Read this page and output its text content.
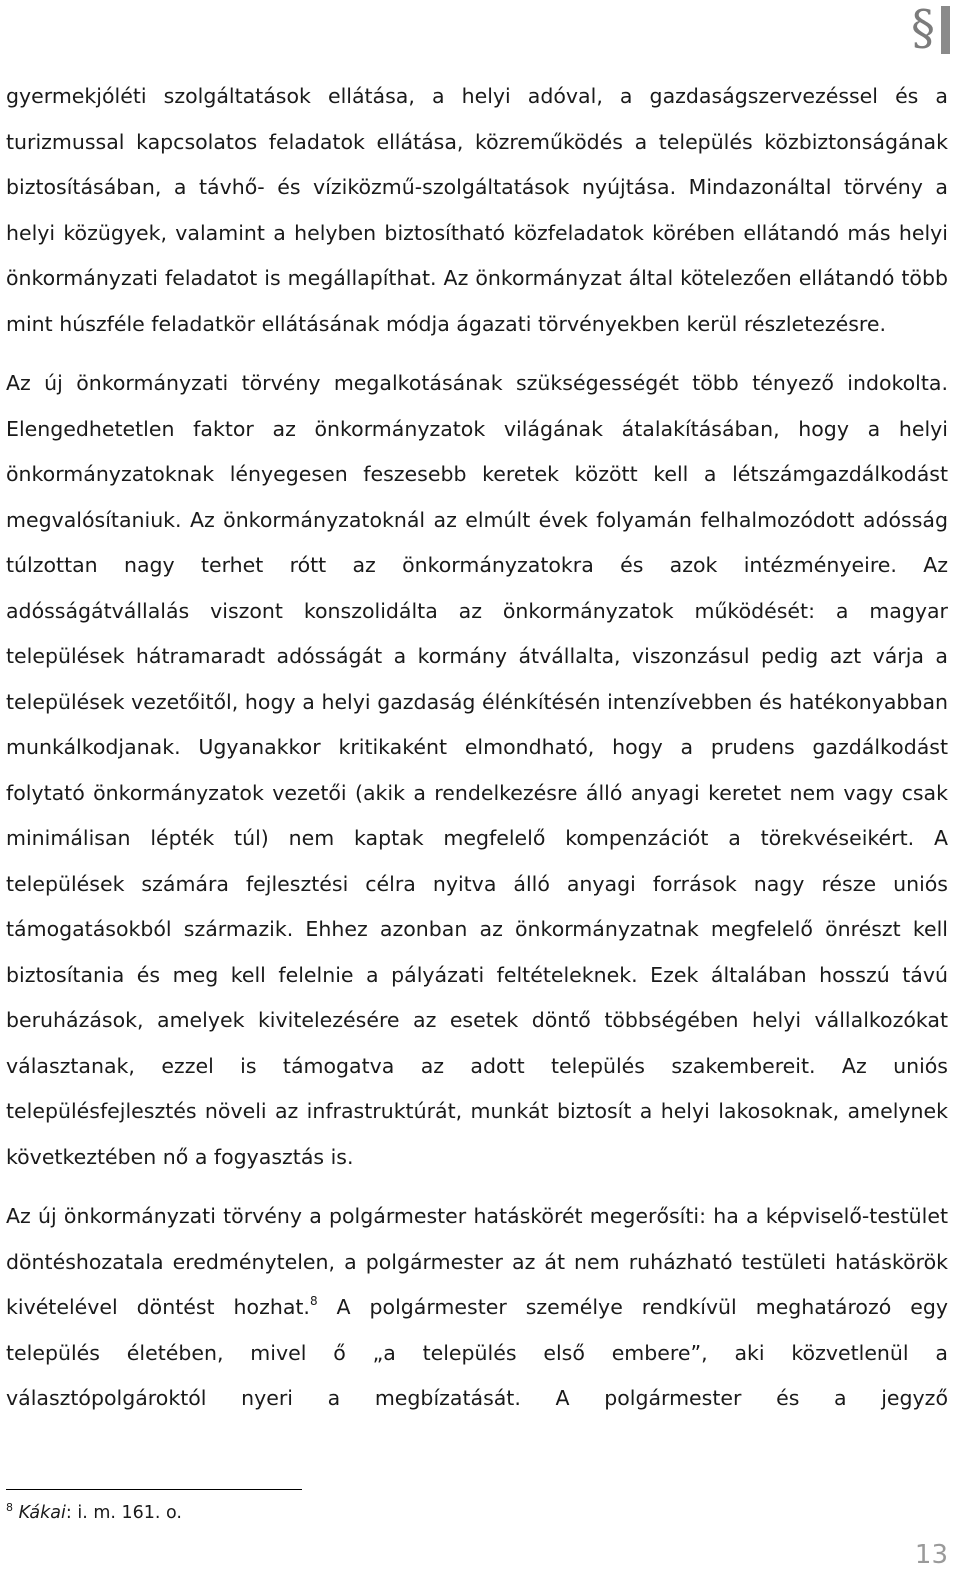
§

gyermekjóléti szolgáltatások ellátása, a helyi adóval, a gazdaságszervezéssel és a turizmussal kapcsolatos feladatok ellátása, közreműködés a település közbiztonságának biztosításában, a távhő- és víziközmű-szolgáltatások nyújtása. Mindazonáltal törvény a helyi közügyek, valamint a helyben biztosítható közfeladatok körében ellátandó más helyi önkormányzati feladatot is megállapíthat. Az önkormányzat által kötelezően ellátandó több mint húszféle feladatkör ellátásának módja ágazati törvényekben kerül részletezésre.

Az új önkormányzati törvény megalkotásának szükségességét több tényező indokolta. Elengedhetetlen faktor az önkormányzatok világának átalakításában, hogy a helyi önkormányzatoknak lényegesen feszesebb keretek között kell a létszámgazdálkodást megvalósítaniuk. Az önkormányzatoknál az elmúlt évek folyamán felhalmozódott adósság túlzottan nagy terhet rótt az önkormányzatokra és azok intézményeire. Az adósságátvállalás viszont konszolidálta az önkormányzatok működését: a magyar települések hátramaradt adósságát a kormány átvállalta, viszonzásul pedig azt várja a települések vezetőitől, hogy a helyi gazdaság élénkítésén intenzívebben és hatékonyabban munkálkodjanak. Ugyanakkor kritikaként elmondható, hogy a prudens gazdálkodást folytató önkormányzatok vezetői (akik a rendelkezésre álló anyagi keretet nem vagy csak minimálisan lépték túl) nem kaptak megfelelő kompenzációt a törekvéseikért. A települések számára fejlesztési célra nyitva álló anyagi források nagy része uniós támogatásokból származik. Ehhez azonban az önkormányzatnak megfelelő önrészt kell biztosítania és meg kell felelnie a pályázati feltételeknek. Ezek általában hosszú távú beruházások, amelyek kivitelezésére az esetek döntő többségében helyi vállalkozókat választanak, ezzel is támogatva az adott település szakembereit. Az uniós településfejlesztés növeli az infrastruktúrát, munkát biztosít a helyi lakosoknak, amelynek következtében nő a fogyasztás is.

Az új önkormányzati törvény a polgármester hatáskörét megerősíti: ha a képviselő-testület döntéshozatala eredménytelen, a polgármester az át nem ruházható testületi hatáskörök kivételével döntést hozhat.$^8$ A polgármester személye rendkívül meghatározó egy település életében, mivel ő „a település első embere”, aki közvetlenül a választópolgároktól nyeri a megbízatását. A polgármester és a jegyző

$^8$ Kákai: i. m. 161. o.
13
